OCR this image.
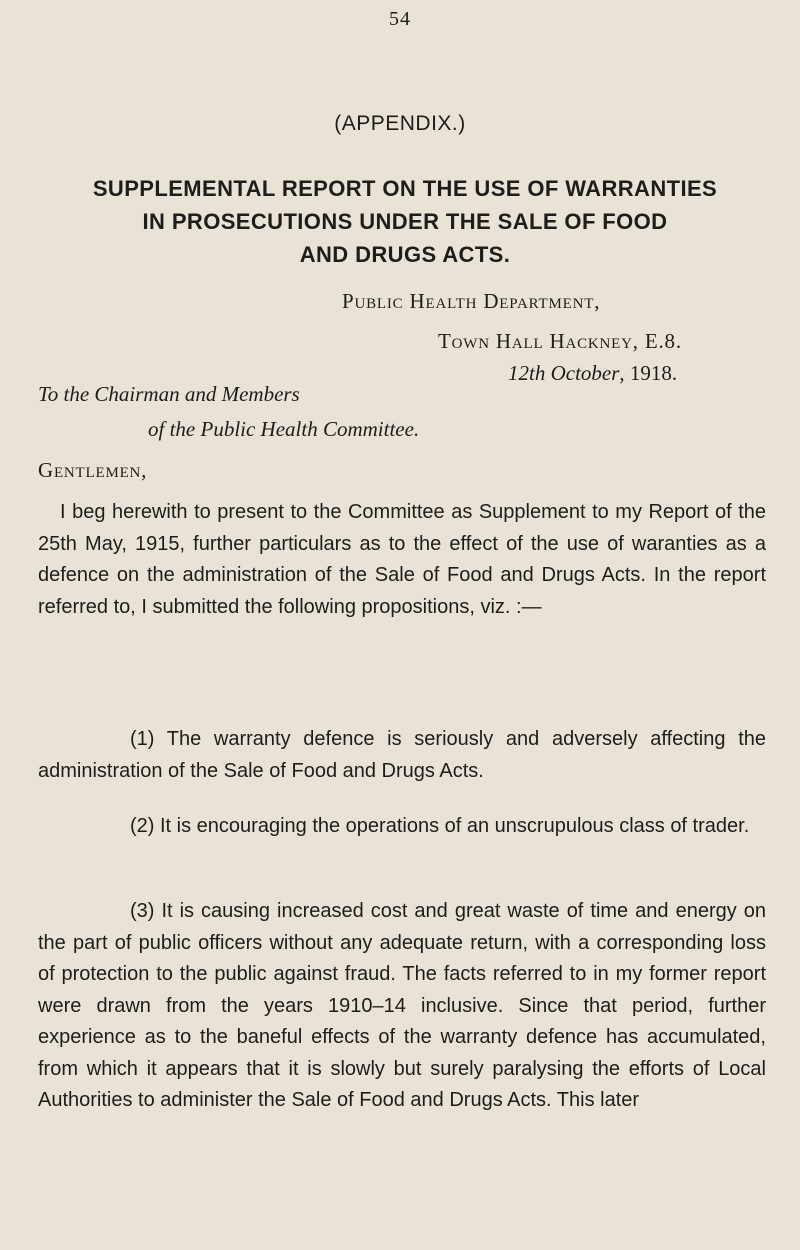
54
(APPENDIX.)
SUPPLEMENTAL REPORT ON THE USE OF WARRANTIES
IN PROSECUTIONS UNDER THE SALE OF FOOD
AND DRUGS ACTS.
Public Health Department,
Town Hall Hackney, E.8.
12th October, 1918.
To the Chairman and Members
of the Public Health Committee.
Gentlemen,

I beg herewith to present to the Committee as Supplement to my Report of the 25th May, 1915, further particulars as to the effect of the use of waranties as a defence on the administration of the Sale of Food and Drugs Acts. In the report referred to, I submitted the following propositions, viz. :—

(1) The warranty defence is seriously and adversely affecting the administration of the Sale of Food and Drugs Acts.

(2) It is encouraging the operations of an unscrupulous class of trader.

(3) It is causing increased cost and great waste of time and energy on the part of public officers without any adequate return, with a corresponding loss of protection to the public against fraud. The facts referred to in my former report were drawn from the years 1910–14 inclusive. Since that period, further experience as to the baneful effects of the warranty defence has accumulated, from which it appears that it is slowly but surely paralysing the efforts of Local Authorities to administer the Sale of Food and Drugs Acts. This later
